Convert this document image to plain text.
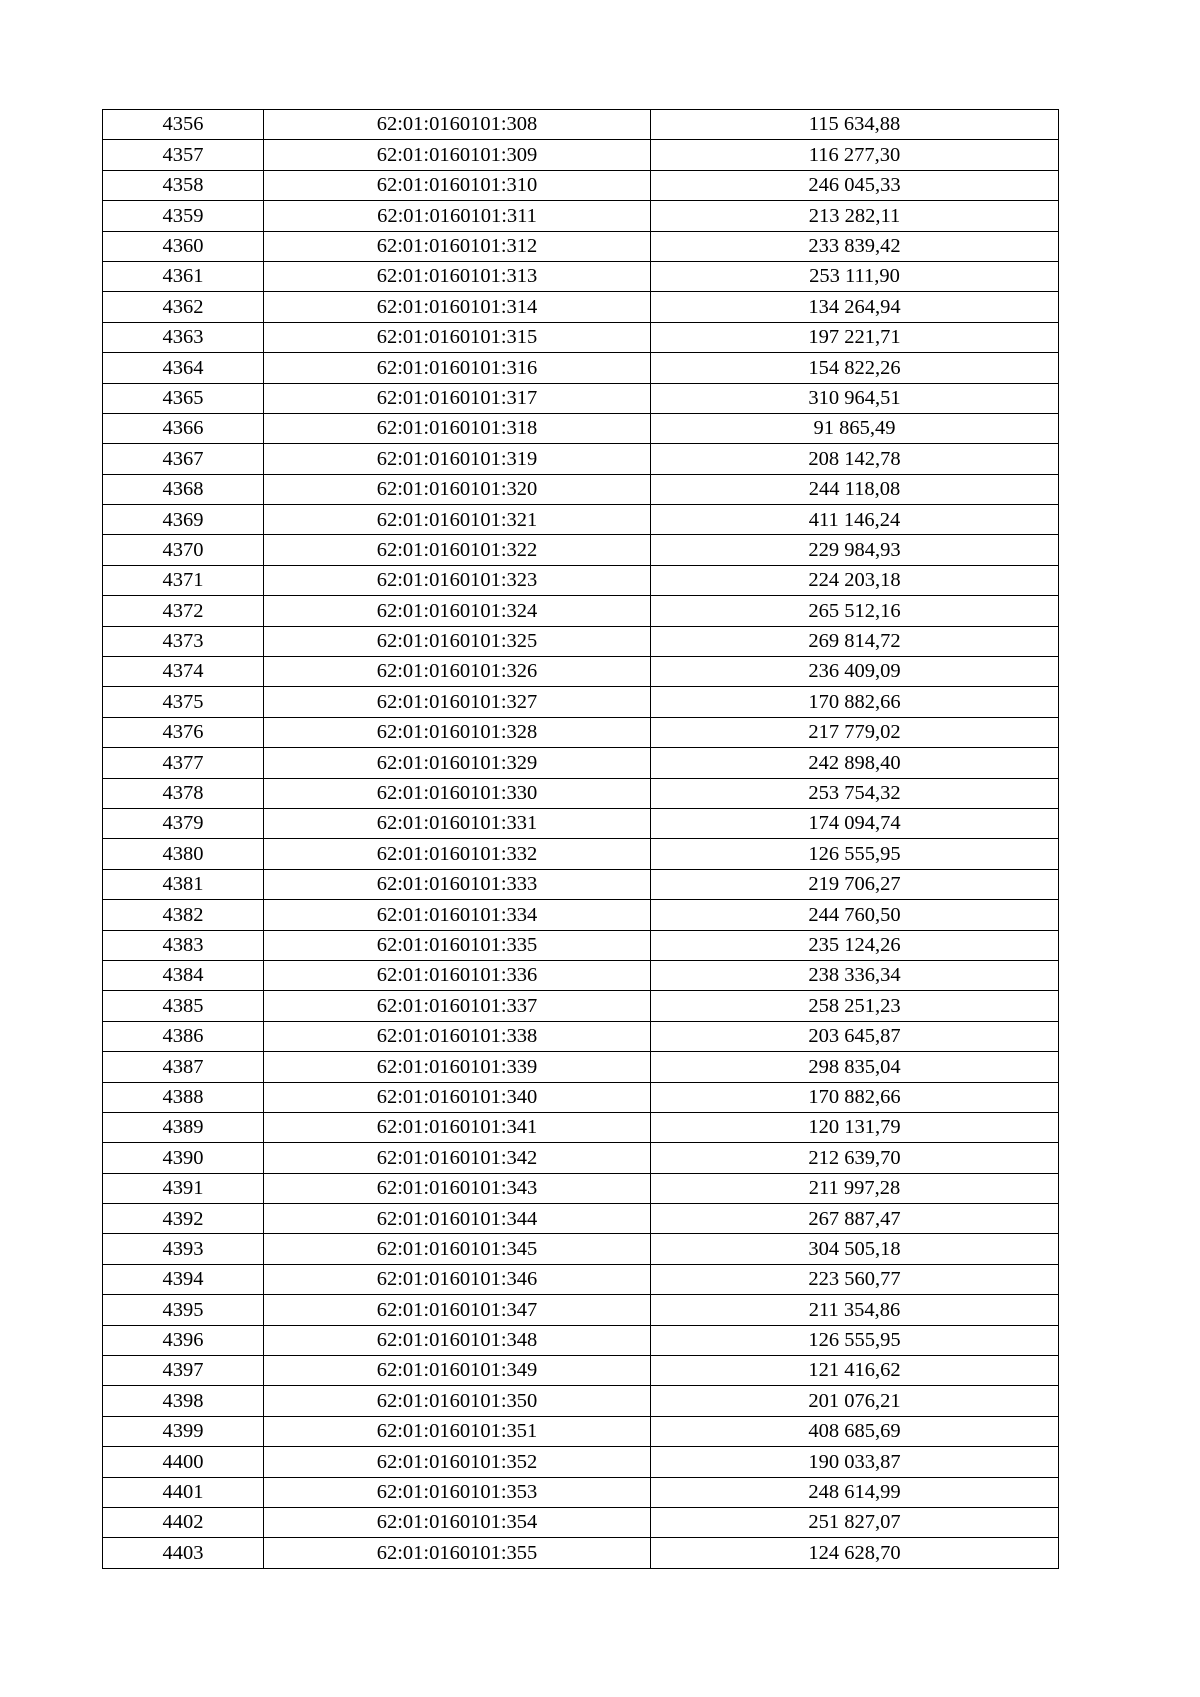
4356	62:01:0160101:308	115 634,88
4357	62:01:0160101:309	116 277,30
4358	62:01:0160101:310	246 045,33
4359	62:01:0160101:311	213 282,11
4360	62:01:0160101:312	233 839,42
4361	62:01:0160101:313	253 111,90
4362	62:01:0160101:314	134 264,94
4363	62:01:0160101:315	197 221,71
4364	62:01:0160101:316	154 822,26
4365	62:01:0160101:317	310 964,51
4366	62:01:0160101:318	91 865,49
4367	62:01:0160101:319	208 142,78
4368	62:01:0160101:320	244 118,08
4369	62:01:0160101:321	411 146,24
4370	62:01:0160101:322	229 984,93
4371	62:01:0160101:323	224 203,18
4372	62:01:0160101:324	265 512,16
4373	62:01:0160101:325	269 814,72
4374	62:01:0160101:326	236 409,09
4375	62:01:0160101:327	170 882,66
4376	62:01:0160101:328	217 779,02
4377	62:01:0160101:329	242 898,40
4378	62:01:0160101:330	253 754,32
4379	62:01:0160101:331	174 094,74
4380	62:01:0160101:332	126 555,95
4381	62:01:0160101:333	219 706,27
4382	62:01:0160101:334	244 760,50
4383	62:01:0160101:335	235 124,26
4384	62:01:0160101:336	238 336,34
4385	62:01:0160101:337	258 251,23
4386	62:01:0160101:338	203 645,87
4387	62:01:0160101:339	298 835,04
4388	62:01:0160101:340	170 882,66
4389	62:01:0160101:341	120 131,79
4390	62:01:0160101:342	212 639,70
4391	62:01:0160101:343	211 997,28
4392	62:01:0160101:344	267 887,47
4393	62:01:0160101:345	304 505,18
4394	62:01:0160101:346	223 560,77
4395	62:01:0160101:347	211 354,86
4396	62:01:0160101:348	126 555,95
4397	62:01:0160101:349	121 416,62
4398	62:01:0160101:350	201 076,21
4399	62:01:0160101:351	408 685,69
4400	62:01:0160101:352	190 033,87
4401	62:01:0160101:353	248 614,99
4402	62:01:0160101:354	251 827,07
4403	62:01:0160101:355	124 628,70
